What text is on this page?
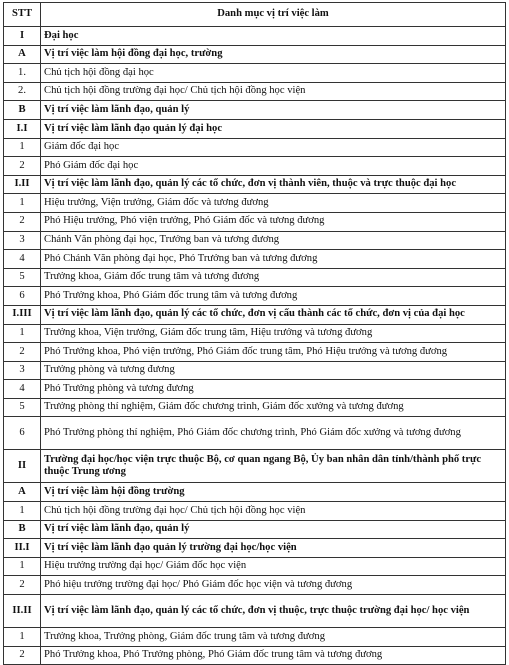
STT	Danh mục vị trí việc làm
I	Đại học
A	Vị trí việc làm hội đồng đại học, trường
1.	Chủ tịch hội đồng đại học
2.	Chủ tịch hội đồng trường đại học/ Chủ tịch hội đồng học viện
B	Vị trí việc làm lãnh đạo, quản lý
I.I	Vị trí việc làm lãnh đạo quản lý đại học
1	Giám đốc đại học
2	Phó Giám đốc đại học
I.II	Vị trí việc làm lãnh đạo, quản lý các tổ chức, đơn vị thành viên, thuộc và trực thuộc đại học
1	Hiệu trưởng, Viện trưởng, Giám đốc và tương đương
2	Phó Hiệu trưởng, Phó viện trưởng, Phó Giám đốc và tương đương
3	Chánh Văn phòng đại học, Trưởng ban và tương đương
4	Phó Chánh Văn phòng đại học, Phó Trưởng ban và tương đương
5	Trưởng khoa, Giám đốc trung tâm và tương đương
6	Phó Trưởng khoa, Phó Giám đốc trung tâm và tương đương
I.III	Vị trí việc làm lãnh đạo, quản lý các tổ chức, đơn vị cấu thành các tổ chức, đơn vị của đại học
1	Trưởng khoa, Viện trưởng, Giám đốc trung tâm, Hiệu trưởng và tương đương
2	Phó Trưởng khoa, Phó viện trưởng, Phó Giám đốc trung tâm, Phó Hiệu trưởng và tương đương
3	Trưởng phòng và tương đương
4	Phó Trưởng phòng và tương đương
5	Trưởng phòng thí nghiệm, Giám đốc chương trình, Giám đốc xưởng và tương đương
6	Phó Trưởng phòng thí nghiệm, Phó Giám đốc chương trình, Phó Giám đốc xưởng và tương đương
II	Trường đại học/học viện trực thuộc Bộ, cơ quan ngang Bộ, Ủy ban nhân dân tỉnh/thành phố trực thuộc Trung ương
A	Vị trí việc làm hội đồng trường
1	Chủ tịch hội đồng trường đại học/ Chủ tịch hội đồng học viện
B	Vị trí việc làm lãnh đạo, quản lý
II.I	Vị trí việc làm lãnh đạo quản lý trường đại học/học viện
1	Hiệu trưởng trường đại học/ Giám đốc học viện
2	Phó hiệu trưởng trường đại học/ Phó Giám đốc học viện và tương đương
II.II	Vị trí việc làm lãnh đạo, quản lý các tổ chức, đơn vị thuộc, trực thuộc trường đại học/ học viện
1	Trưởng khoa, Trưởng phòng, Giám đốc trung tâm và tương đương
2	Phó Trưởng khoa, Phó Trưởng phòng, Phó Giám đốc trung tâm và tương đương
